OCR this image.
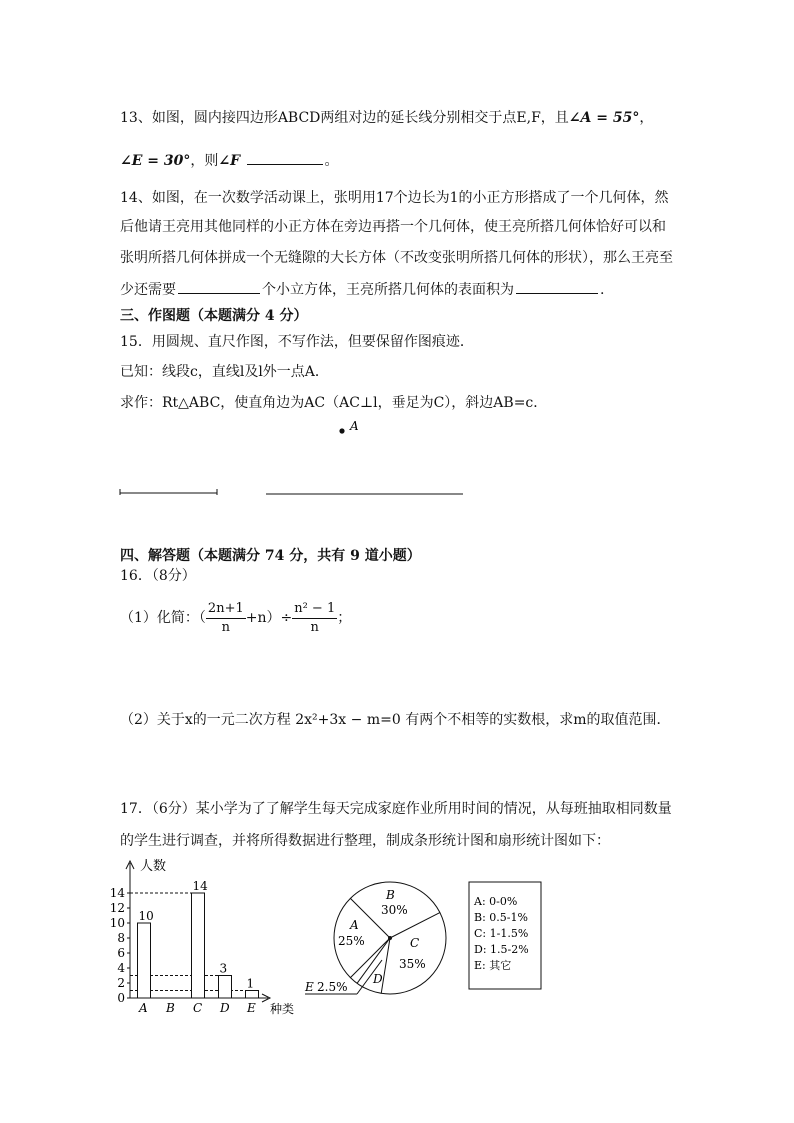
13、如图，圆内接四边形ABCD两组对边的延长线分别相交于点E,F，且∠A = 55°，
∠E = 30°，则∠F	。
14、如图，在一次数学活动课上，张明用17个边长为1的小正方形搭成了一个几何体，然
后他请王亮用其他同样的小正方体在旁边再搭一个几何体，使王亮所搭几何体恰好可以和
张明所搭几何体拼成一个无缝隙的大长方体（不改变张明所搭几何体的形状），那么王亮至
少还需要	个小立方体，王亮所搭几何体的表面积为	.
三、作图题（本题满分 4 分）
15．用圆规、直尺作图，不写作法，但要保留作图痕迹．
已知：线段c，直线l及l外一点A．
求作：Rt△ABC，使直角边为AC（AC⊥l，垂足为C），斜边AB=c．
A
四、解答题（本题满分 74 分，共有 9 道小题）
16．（8分）
（1）化简：（ $\frac{2n+1}{n} +n)\div \frac{\text{n² − 1}}{n}$ ；
（2）关于x的一元二次方程 2x²+3x − m=0 有两个不相等的实数根，求m的取值范围．
17．（6分）某小学为了了解学生每天完成家庭作业所用时间的情况，从每班抽取相同数量
的学生进行调查，并将所得数据进行整理，制成条形统计图和扇形统计图如下：
人数
种类
0
2
4
6
8
10
12
14
10
A B
14
C
3
D
1
E
B
30%
A
25%	C
35%
D
E 2.5%
A: 0-0%
B: 0.5-1%
C: 1-1.5%
D: 1.5-2%
E: 其它
